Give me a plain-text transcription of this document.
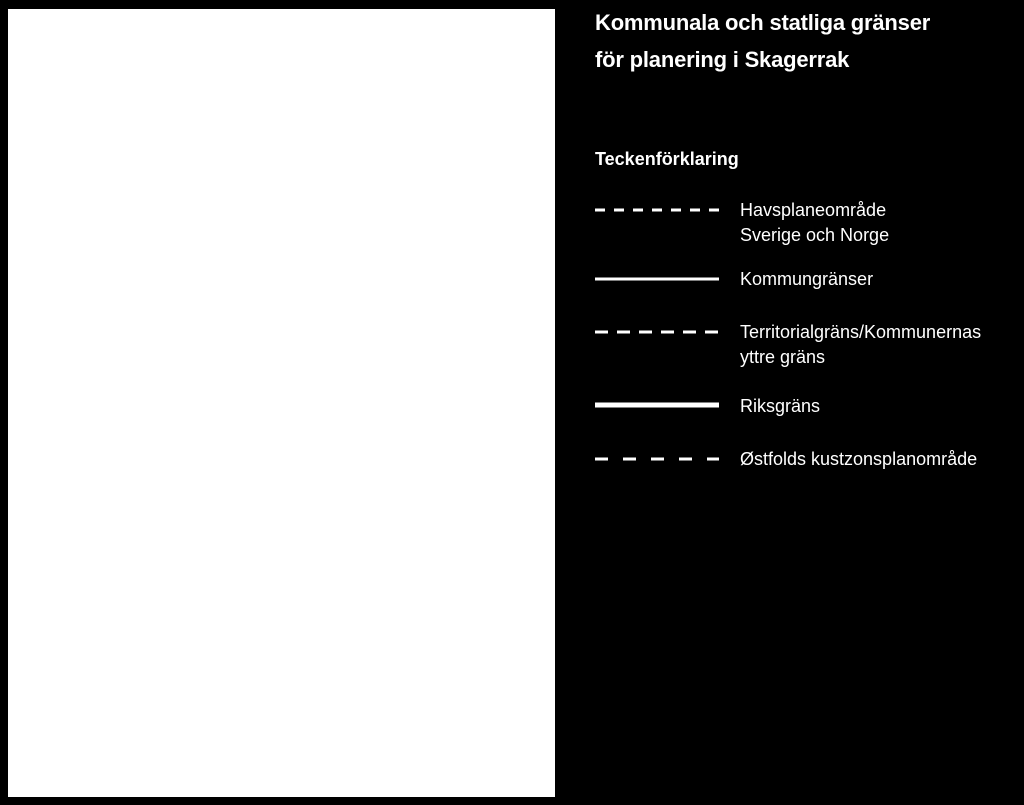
Kommunala och statliga gränser
för planering i Skagerrak
Teckenförklaring
Havsplaneområde
Sverige och Norge
Kommungränser
Territorialgräns/Kommunernas
yttre gräns
Riksgräns
Østfolds kustzonsplanområde
